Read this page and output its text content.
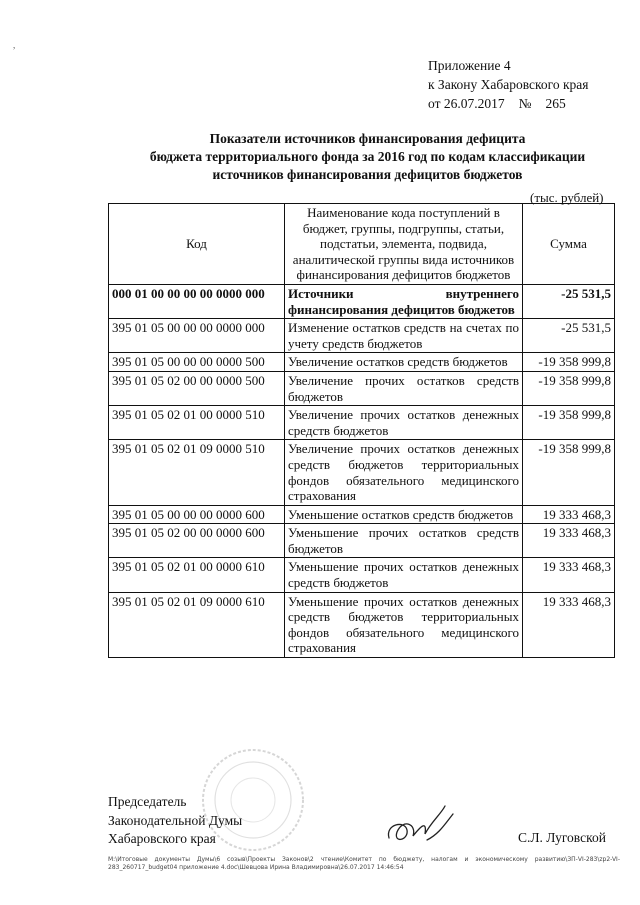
,
Приложение 4
к Закону Хабаровского края
от 26.07.2017 № 265
Показатели источников финансирования дефицита
бюджета территориального фонда за 2016 год по кодам классификации
источников финансирования дефицитов бюджетов
(тыс. рублей)
Код	Наименование кода поступлений в бюджет, группы, подгруппы, статьи, подстатьи, элемента, подвида, аналитической группы вида источников финансирования дефицитов бюджетов	Сумма
000 01 00 00 00 00 0000 000	Источники внутреннего финансирования дефицитов бюджетов	-25 531,5
395 01 05 00 00 00 0000 000	Изменение остатков средств на счетах по учету средств бюджетов	-25 531,5
395 01 05 00 00 00 0000 500	Увеличение остатков средств бюджетов	-19 358 999,8
395 01 05 02 00 00 0000 500	Увеличение прочих остатков средств бюджетов	-19 358 999,8
395 01 05 02 01 00 0000 510	Увеличение прочих остатков денежных средств бюджетов	-19 358 999,8
395 01 05 02 01 09 0000 510	Увеличение прочих остатков денежных средств бюджетов территориальных фондов обязательного медицинского страхования	-19 358 999,8
395 01 05 00 00 00 0000 600	Уменьшение остатков средств бюджетов	19 333 468,3
395 01 05 02 00 00 0000 600	Уменьшение прочих остатков средств бюджетов	19 333 468,3
395 01 05 02 01 00 0000 610	Уменьшение прочих остатков денежных средств бюджетов	19 333 468,3
395 01 05 02 01 09 0000 610	Уменьшение прочих остатков денежных средств бюджетов территориальных фондов обязательного медицинского страхования	19 333 468,3
Председатель
Законодательной Думы
Хабаровского края	С.Л. Луговской
M:\Итоговые документы Думы\6 созыв\Проекты Законов\2 чтение\Комитет по бюджету, налогам и экономическому развитию\ЗП-VI-283\zp2-VI-283_260717_budget04 приложение 4.doc\Шевцова Ирина Владимировна\26.07.2017 14:46:54
